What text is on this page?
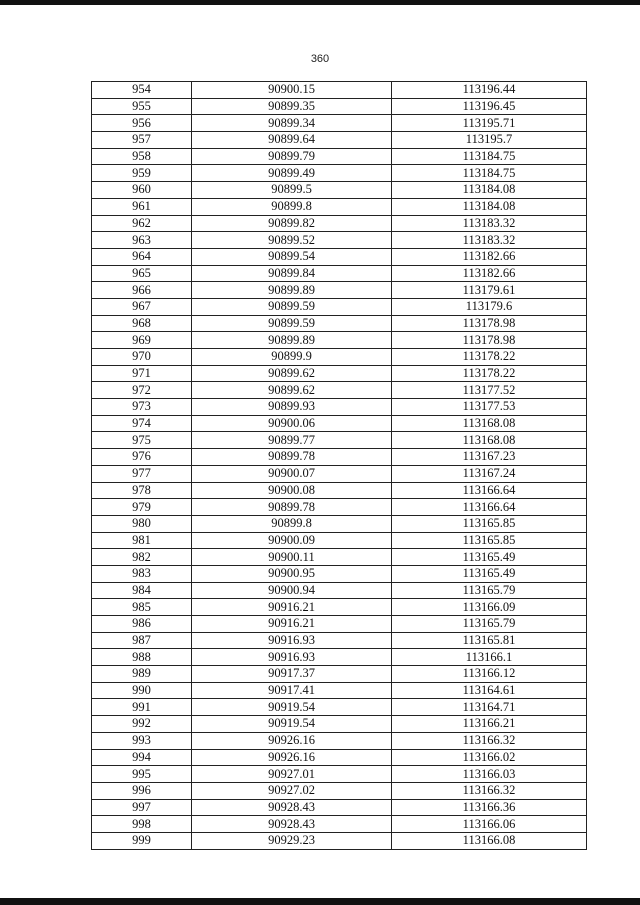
360
954	90900.15	113196.44
955	90899.35	113196.45
956	90899.34	113195.71
957	90899.64	113195.7
958	90899.79	113184.75
959	90899.49	113184.75
960	90899.5	113184.08
961	90899.8	113184.08
962	90899.82	113183.32
963	90899.52	113183.32
964	90899.54	113182.66
965	90899.84	113182.66
966	90899.89	113179.61
967	90899.59	113179.6
968	90899.59	113178.98
969	90899.89	113178.98
970	90899.9	113178.22
971	90899.62	113178.22
972	90899.62	113177.52
973	90899.93	113177.53
974	90900.06	113168.08
975	90899.77	113168.08
976	90899.78	113167.23
977	90900.07	113167.24
978	90900.08	113166.64
979	90899.78	113166.64
980	90899.8	113165.85
981	90900.09	113165.85
982	90900.11	113165.49
983	90900.95	113165.49
984	90900.94	113165.79
985	90916.21	113166.09
986	90916.21	113165.79
987	90916.93	113165.81
988	90916.93	113166.1
989	90917.37	113166.12
990	90917.41	113164.61
991	90919.54	113164.71
992	90919.54	113166.21
993	90926.16	113166.32
994	90926.16	113166.02
995	90927.01	113166.03
996	90927.02	113166.32
997	90928.43	113166.36
998	90928.43	113166.06
999	90929.23	113166.08
